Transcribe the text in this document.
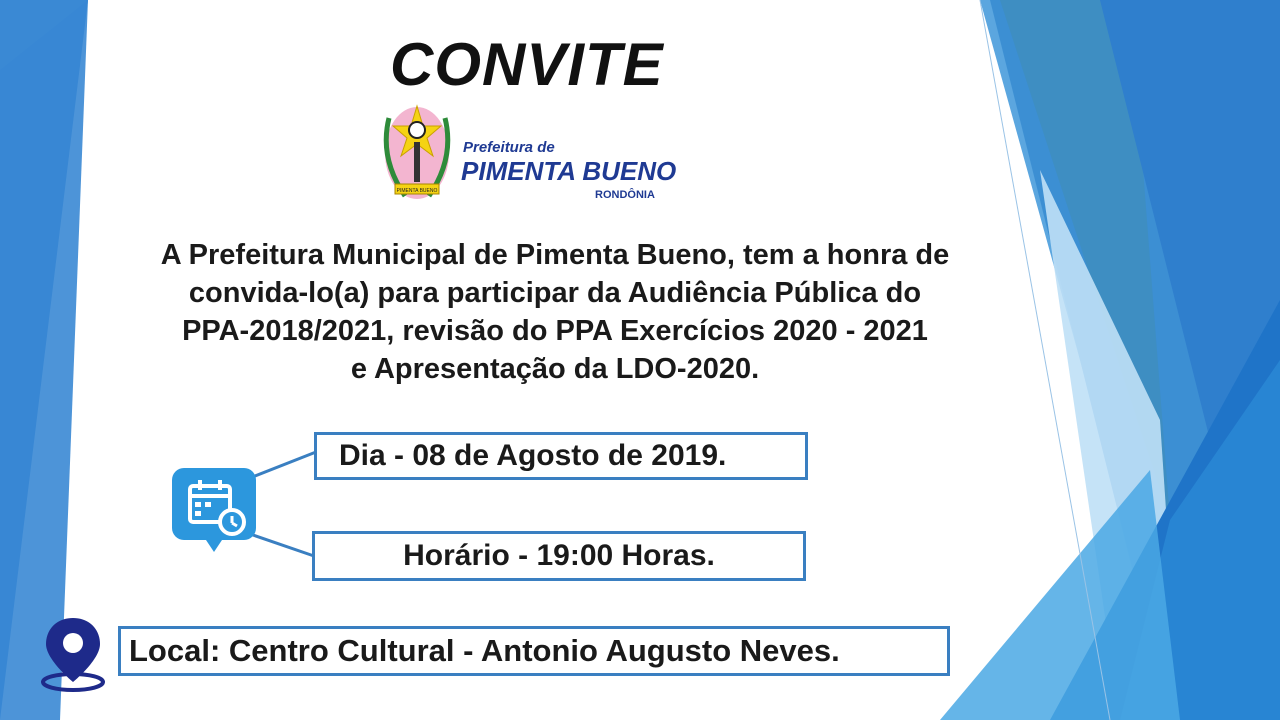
CONVITE
PIMENTA BUENO
Prefeitura de
PIMENTA BUENO
RONDÔNIA
A Prefeitura Municipal de Pimenta Bueno, tem a honra de
convida-lo(a) para participar da Audiência Pública do
PPA-2018/2021, revisão do PPA Exercícios 2020 - 2021
e Apresentação da LDO-2020.
Dia - 08 de Agosto de 2019.
Horário - 19:00 Horas.
Local: Centro Cultural - Antonio Augusto Neves.
